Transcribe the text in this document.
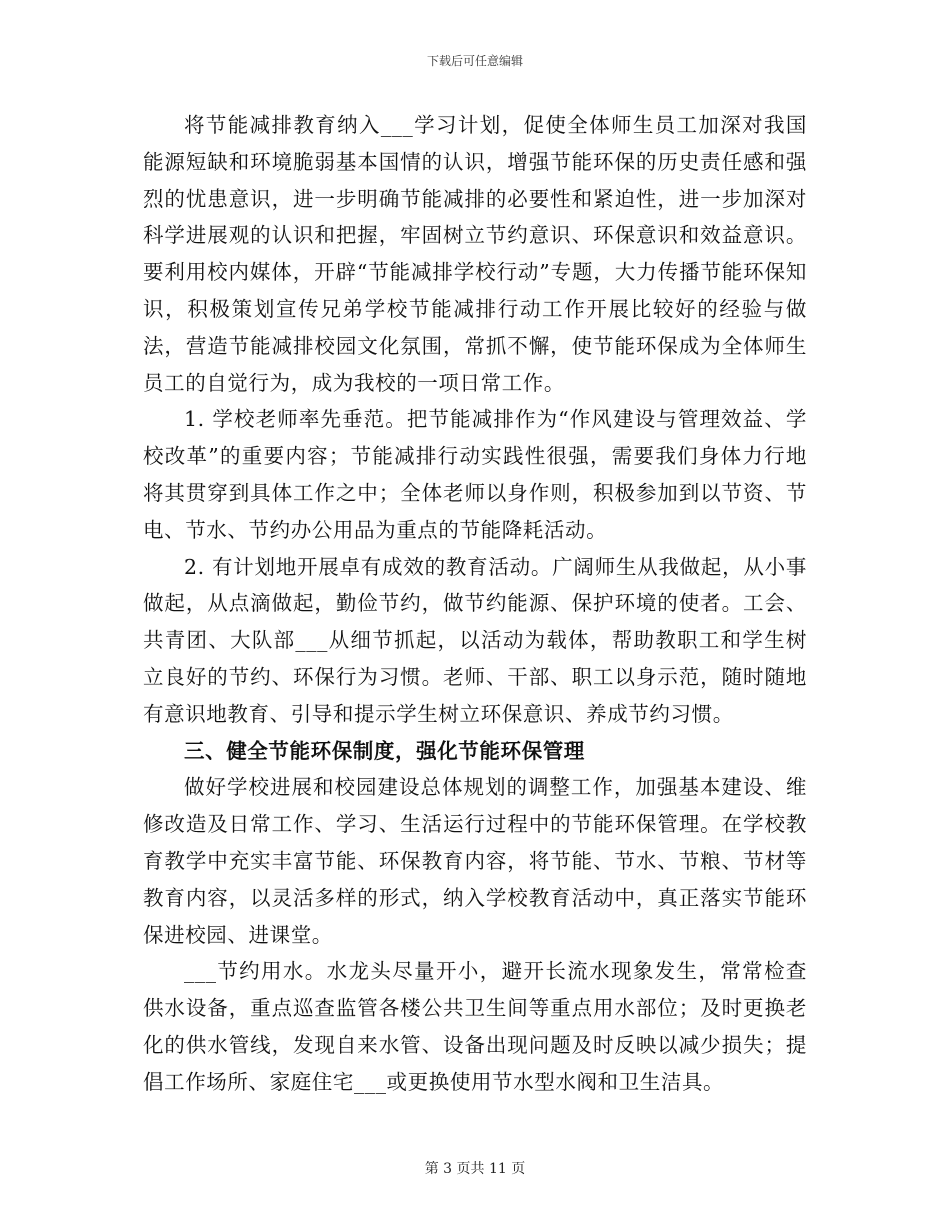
下载后可任意编辑

将节能减排教育纳入___学习计划，促使全体师生员工加深对我国能源短缺和环境脆弱基本国情的认识，增强节能环保的历史责任感和强烈的忧患意识，进一步明确节能减排的必要性和紧迫性，进一步加深对科学进展观的认识和把握，牢固树立节约意识、环保意识和效益意识。要利用校内媒体，开辟“节能减排学校行动”专题，大力传播节能环保知识，积极策划宣传兄弟学校节能减排行动工作开展比较好的经验与做法，营造节能减排校园文化氛围，常抓不懈，使节能环保成为全体师生员工的自觉行为，成为我校的一项日常工作。

1. 学校老师率先垂范。把节能减排作为“作风建设与管理效益、学校改革”的重要内容；节能减排行动实践性很强，需要我们身体力行地将其贯穿到具体工作之中；全体老师以身作则，积极参加到以节资、节电、节水、节约办公用品为重点的节能降耗活动。

2. 有计划地开展卓有成效的教育活动。广阔师生从我做起，从小事做起，从点滴做起，勤俭节约，做节约能源、保护环境的使者。工会、共青团、大队部___从细节抓起，以活动为载体，帮助教职工和学生树立良好的节约、环保行为习惯。老师、干部、职工以身示范，随时随地有意识地教育、引导和提示学生树立环保意识、养成节约习惯。

三、健全节能环保制度，强化节能环保管理

做好学校进展和校园建设总体规划的调整工作，加强基本建设、维修改造及日常工作、学习、生活运行过程中的节能环保管理。在学校教育教学中充实丰富节能、环保教育内容，将节能、节水、节粮、节材等教育内容，以灵活多样的形式，纳入学校教育活动中，真正落实节能环保进校园、进课堂。

___节约用水。水龙头尽量开小，避开长流水现象发生，常常检查供水设备，重点巡查监管各楼公共卫生间等重点用水部位；及时更换老化的供水管线，发现自来水管、设备出现问题及时反映以减少损失；提倡工作场所、家庭住宅___或更换使用节水型水阀和卫生洁具。

第 3 页共 11 页
